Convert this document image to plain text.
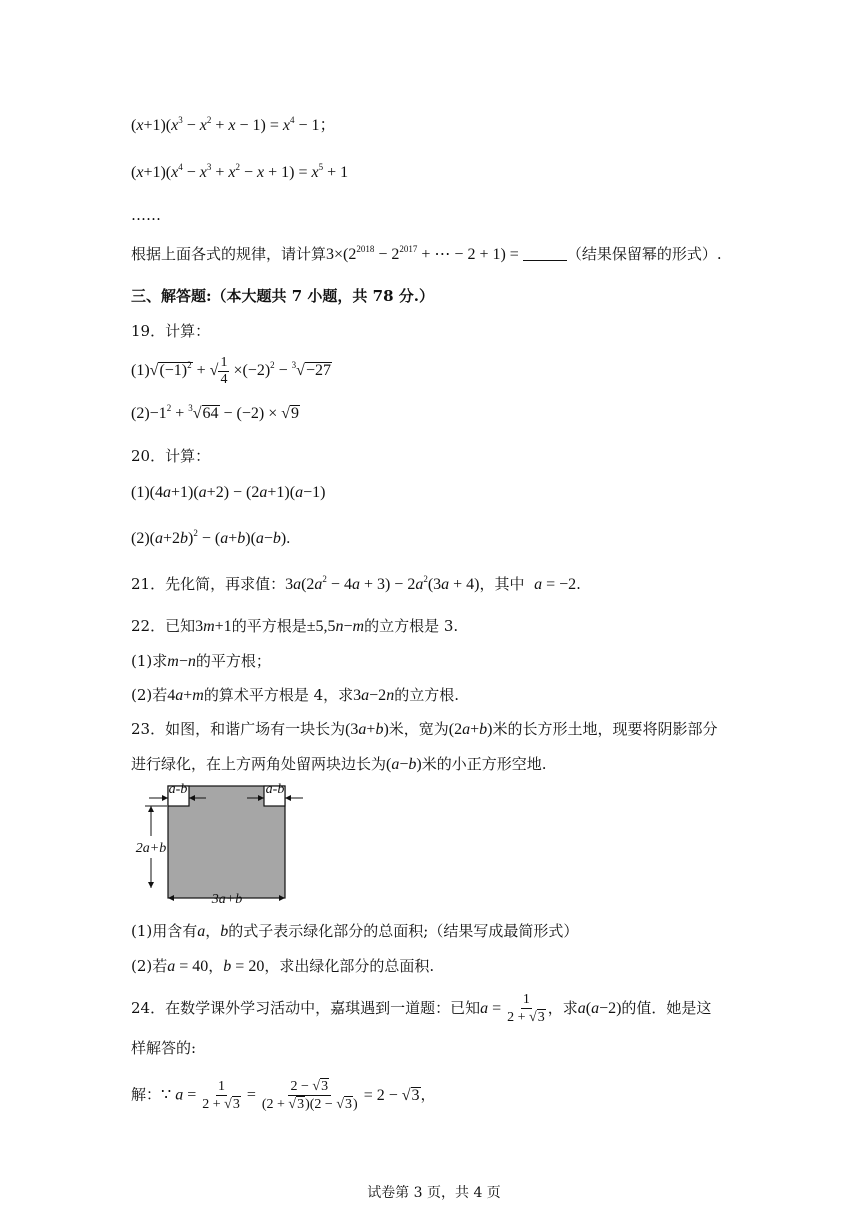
$(x+1)(x^3 - x^2 + x - 1) = x^4 - 1$；
$(x+1)(x^4 - x^3 + x^2 - x + 1) = x^5 + 1$
……
根据上面各式的规律，请计算$3\times(2^{2018} - 2^{2017}$ + ⋯ − 2 + 1) =	（结果保留幂的形式）.
三、解答题:（本大题共 7 小题，共 78 分.）
19．计算：
$(1)√(-1)^2$ + √ $\frac{1}{4} \times(-2)^2 - ^3√-27$
$(2)-1^2 + ^3√64 - (-2) \times √9$
20．计算：
(1)(4a+1)(a+2) − (2a+1)(a−1)
$(2)(a+2b)^2 - (a+b)(a-b)$.
21．先化简，再求值：$3a(2a^2 - 4a + 3) - 2a^2(3a + 4)$，其中  a = −2.
22．已知3m+1的平方根是±5,5n−m的立方根是 3.
(1)求m−n的平方根；
(2)若4a+m的算术平方根是 4，求3a−2n的立方根.
23．如图，和谐广场有一块长为(3a+b)米，宽为(2a+b)米的长方形土地，现要将阴影部分
进行绿化，在上方两角处留两块边长为(a−b)米的小正方形空地.
a-b	a-b
2a+b
3a+b
(1)用含有a，b的式子表示绿化部分的总面积;（结果写成最简形式）
(2)若a = 40，b = 20，求出绿化部分的总面积.
24．在数学课外学习活动中，嘉琪遇到一道题：已知$a = \frac{1}{2 + √3}$ ，求a(a−2)的值．她是这
样解答的:
解：∵ $a = \frac{1}{2 + √3} = \frac{2 - √3}{(2 + √3)(2 - √3)} = 2 - √3$，
试卷第 3 页，共 4 页
